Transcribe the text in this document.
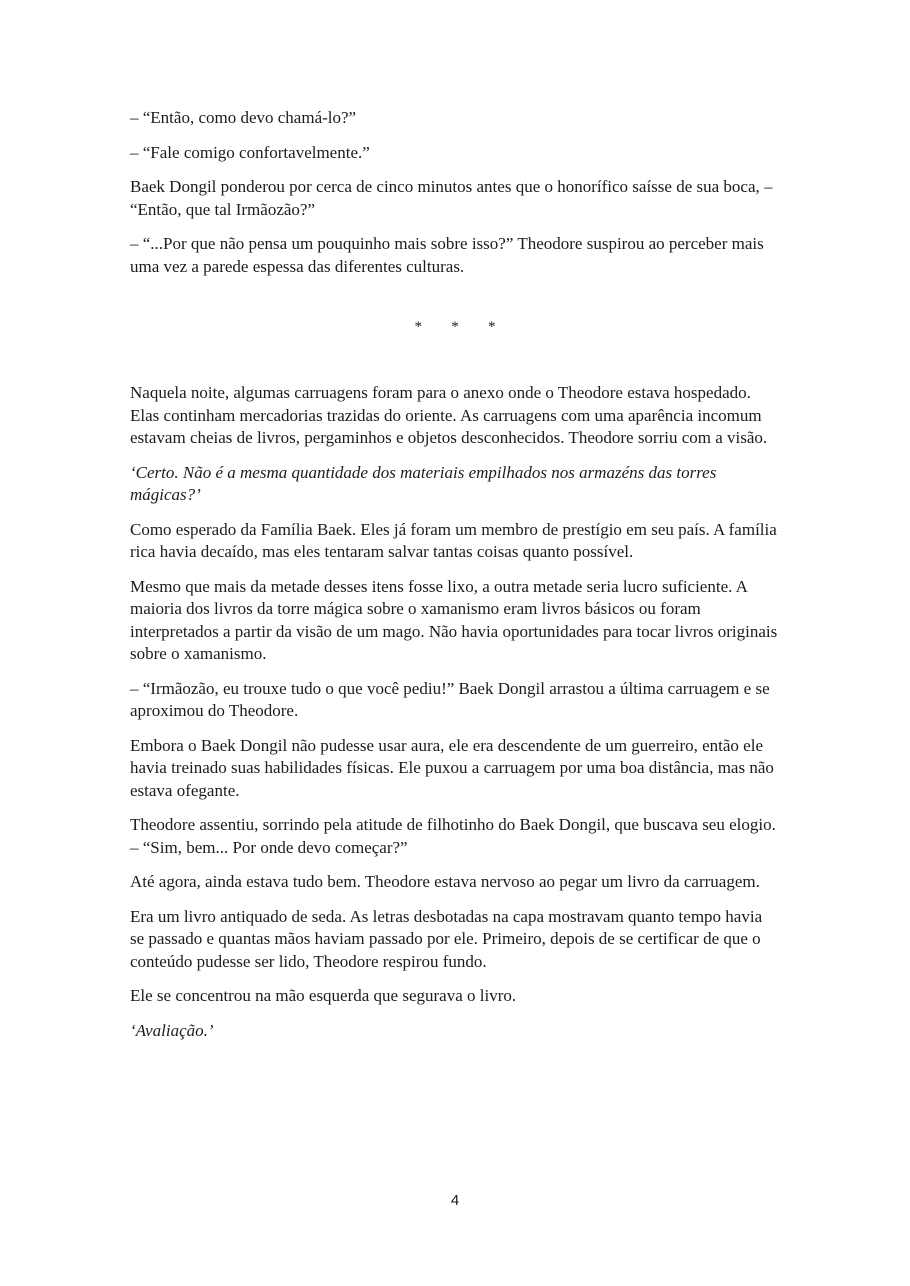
– “Então, como devo chamá-lo?”

– “Fale comigo confortavelmente.”

Baek Dongil ponderou por cerca de cinco minutos antes que o honorífico saísse de sua boca, – “Então, que tal Irmãozão?”

– “...Por que não pensa um pouquinho mais sobre isso?” Theodore suspirou ao perceber mais uma vez a parede espessa das diferentes culturas.

* * *

Naquela noite, algumas carruagens foram para o anexo onde o Theodore estava hospedado. Elas continham mercadorias trazidas do oriente. As carruagens com uma aparência incomum estavam cheias de livros, pergaminhos e objetos desconhecidos. Theodore sorriu com a visão.

‘Certo. Não é a mesma quantidade dos materiais empilhados nos armazéns das torres mágicas?’

Como esperado da Família Baek. Eles já foram um membro de prestígio em seu país. A família rica havia decaído, mas eles tentaram salvar tantas coisas quanto possível.

Mesmo que mais da metade desses itens fosse lixo, a outra metade seria lucro suficiente. A maioria dos livros da torre mágica sobre o xamanismo eram livros básicos ou foram interpretados a partir da visão de um mago. Não havia oportunidades para tocar livros originais sobre o xamanismo.

– “Irmãozão, eu trouxe tudo o que você pediu!” Baek Dongil arrastou a última carruagem e se aproximou do Theodore.

Embora o Baek Dongil não pudesse usar aura, ele era descendente de um guerreiro, então ele havia treinado suas habilidades físicas. Ele puxou a carruagem por uma boa distância, mas não estava ofegante.

Theodore assentiu, sorrindo pela atitude de filhotinho do Baek Dongil, que buscava seu elogio. – “Sim, bem... Por onde devo começar?”

Até agora, ainda estava tudo bem. Theodore estava nervoso ao pegar um livro da carruagem.

Era um livro antiquado de seda. As letras desbotadas na capa mostravam quanto tempo havia se passado e quantas mãos haviam passado por ele. Primeiro, depois de se certificar de que o conteúdo pudesse ser lido, Theodore respirou fundo.

Ele se concentrou na mão esquerda que segurava o livro.

‘Avaliação.’

4
